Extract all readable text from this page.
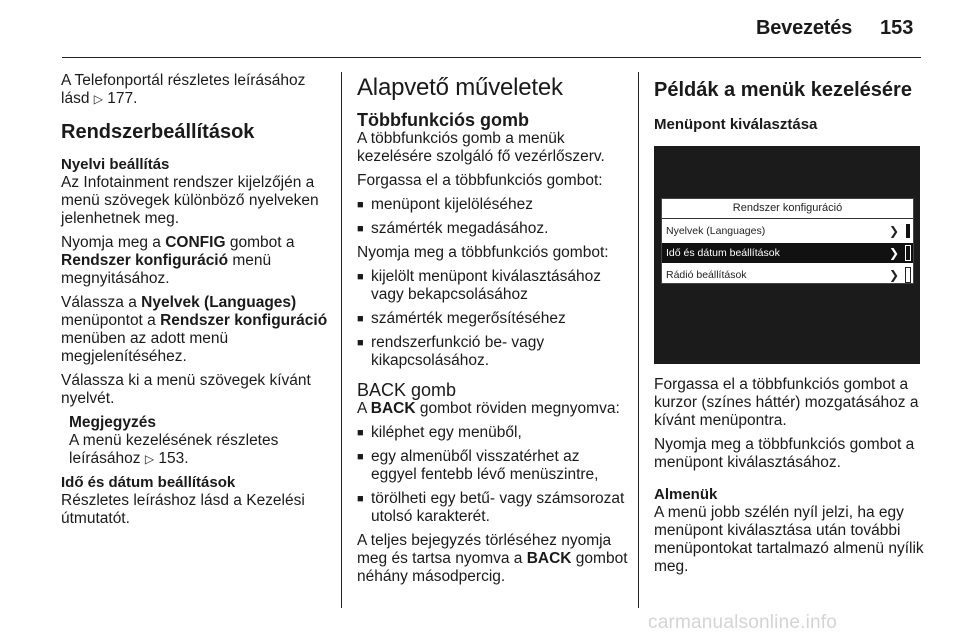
Bevezetés 153

A Telefonportál részletes leírásához lásd ▷ 177.

Rendszerbeállítások
Nyelvi beállítás

Az Infotainment rendszer kijelzőjén a menü szövegek különböző nyelveken jelenhetnek meg.

Nyomja meg a CONFIG gombot a Rendszer konfiguráció menü megnyitásához.

Válassza a Nyelvek (Languages) menüpontot a Rendszer konfiguráció menüben az adott menü megjelenítéséhez.

Válassza ki a menü szövegek kívánt nyelvét.

Megjegyzés

A menü kezelésének részletes leírásához ▷ 153.

Idő és dátum beállítások

Részletes leíráshoz lásd a Kezelési útmutatót.

Alapvető műveletek
Többfunkciós gomb

A többfunkciós gomb a menük kezelésére szolgáló fő vezérlőszerv.

Forgassa el a többfunkciós gombot:

■ menüpont kijelöléséhez
■ számérték megadásához.

Nyomja meg a többfunkciós gombot:

■ kijelölt menüpont kiválasztásához vagy bekapcsolásához
■ számérték megerősítéséhez
■ rendszerfunkció be- vagy kikapcsolásához.
BACK gomb

A BACK gombot röviden megnyomva:

■ kiléphet egy menüből,
■ egy almenüből visszatérhet az eggyel fentebb lévő menüszintre,
■ törölheti egy betű- vagy számsorozat utolsó karakterét.

A teljes bejegyzés törléséhez nyomja meg és tartsa nyomva a BACK gombot néhány másodpercig.

Példák a menük kezelésére
Menüpont kiválasztása
Rendszer konfiguráció
Nyelvek (Languages)	❯
Idő és dátum beállítások	❯
Rádió beállítások	❯

Forgassa el a többfunkciós gombot a kurzor (színes háttér) mozgatásához a kívánt menüpontra.

Nyomja meg a többfunkciós gombot a menüpont kiválasztásához.

Almenük

A menü jobb szélén nyíl jelzi, ha egy menüpont kiválasztása után további menüpontokat tartalmazó almenü nyílik meg.

carmanualsonline.info
